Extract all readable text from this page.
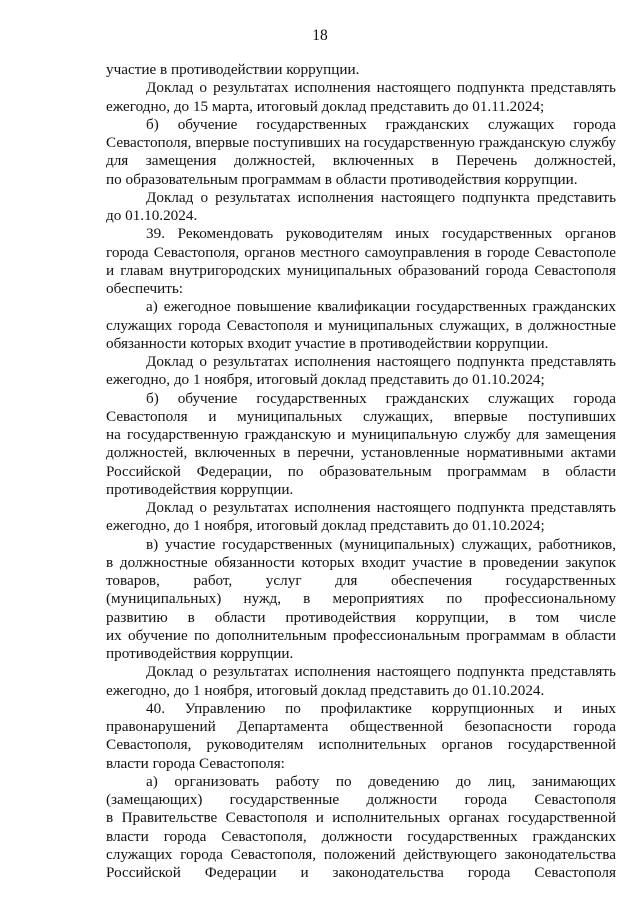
18
участие в противодействии коррупции.
Доклад о результатах исполнения настоящего подпункта представлять
ежегодно, до 15 марта, итоговый доклад представить до 01.11.2024;
б) обучение государственных гражданских служащих города
Севастополя, впервые поступивших на государственную гражданскую службу
для замещения должностей, включенных в Перечень должностей,
по образовательным программам в области противодействия коррупции.
Доклад о результатах исполнения настоящего подпункта представить
до 01.10.2024.
39. Рекомендовать руководителям иных государственных органов
города Севастополя, органов местного самоуправления в городе Севастополе
и главам внутригородских муниципальных образований города Севастополя
обеспечить:
а) ежегодное повышение квалификации государственных гражданских
служащих города Севастополя и муниципальных служащих, в должностные
обязанности которых входит участие в противодействии коррупции.
Доклад о результатах исполнения настоящего подпункта представлять
ежегодно, до 1 ноября, итоговый доклад представить до 01.10.2024;
б) обучение государственных гражданских служащих города
Севастополя и муниципальных служащих, впервые поступивших
на государственную гражданскую и муниципальную службу для замещения
должностей, включенных в перечни, установленные нормативными актами
Российской Федерации, по образовательным программам в области
противодействия коррупции.
Доклад о результатах исполнения настоящего подпункта представлять
ежегодно, до 1 ноября, итоговый доклад представить до 01.10.2024;
в) участие государственных (муниципальных) служащих, работников,
в должностные обязанности которых входит участие в проведении закупок
товаров, работ, услуг для обеспечения государственных
(муниципальных) нужд, в мероприятиях по профессиональному
развитию в области противодействия коррупции, в том числе
их обучение по дополнительным профессиональным программам в области
противодействия коррупции.
Доклад о результатах исполнения настоящего подпункта представлять
ежегодно, до 1 ноября, итоговый доклад представить до 01.10.2024.
40. Управлению по профилактике коррупционных и иных
правонарушений Департамента общественной безопасности города
Севастополя, руководителям исполнительных органов государственной
власти города Севастополя:
а) организовать работу по доведению до лиц, занимающих
(замещающих) государственные должности города Севастополя
в Правительстве Севастополя и исполнительных органах государственной
власти города Севастополя, должности государственных гражданских
служащих города Севастополя, положений действующего законодательства
Российской Федерации и законодательства города Севастополя
